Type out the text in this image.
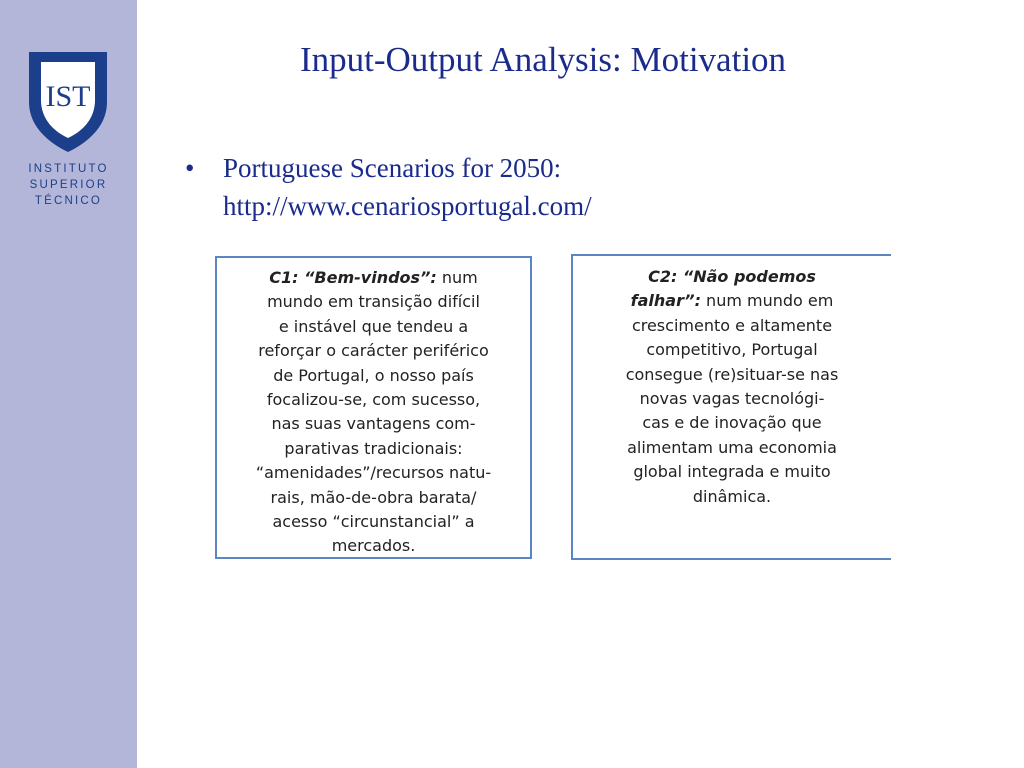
IST
INSTITUTO
SUPERIOR
TÉCNICO
Input-Output Analysis: Motivation
• Portuguese Scenarios for 2050:
http://www.cenariosportugal.com/
C1: “Bem-vindos”: num
mundo em transição difícil
e instável que tendeu a
reforçar o carácter periférico
de Portugal, o nosso país
focalizou-se, com sucesso,
nas suas vantagens com-
parativas tradicionais:
“amenidades”/recursos natu-
rais, mão-de-obra barata/
acesso “circunstancial” a
mercados.
C2: “Não podemos
falhar”: num mundo em
crescimento e altamente
competitivo, Portugal
consegue (re)situar-se nas
novas vagas tecnológi-
cas e de inovação que
alimentam uma economia
global integrada e muito
dinâmica.
